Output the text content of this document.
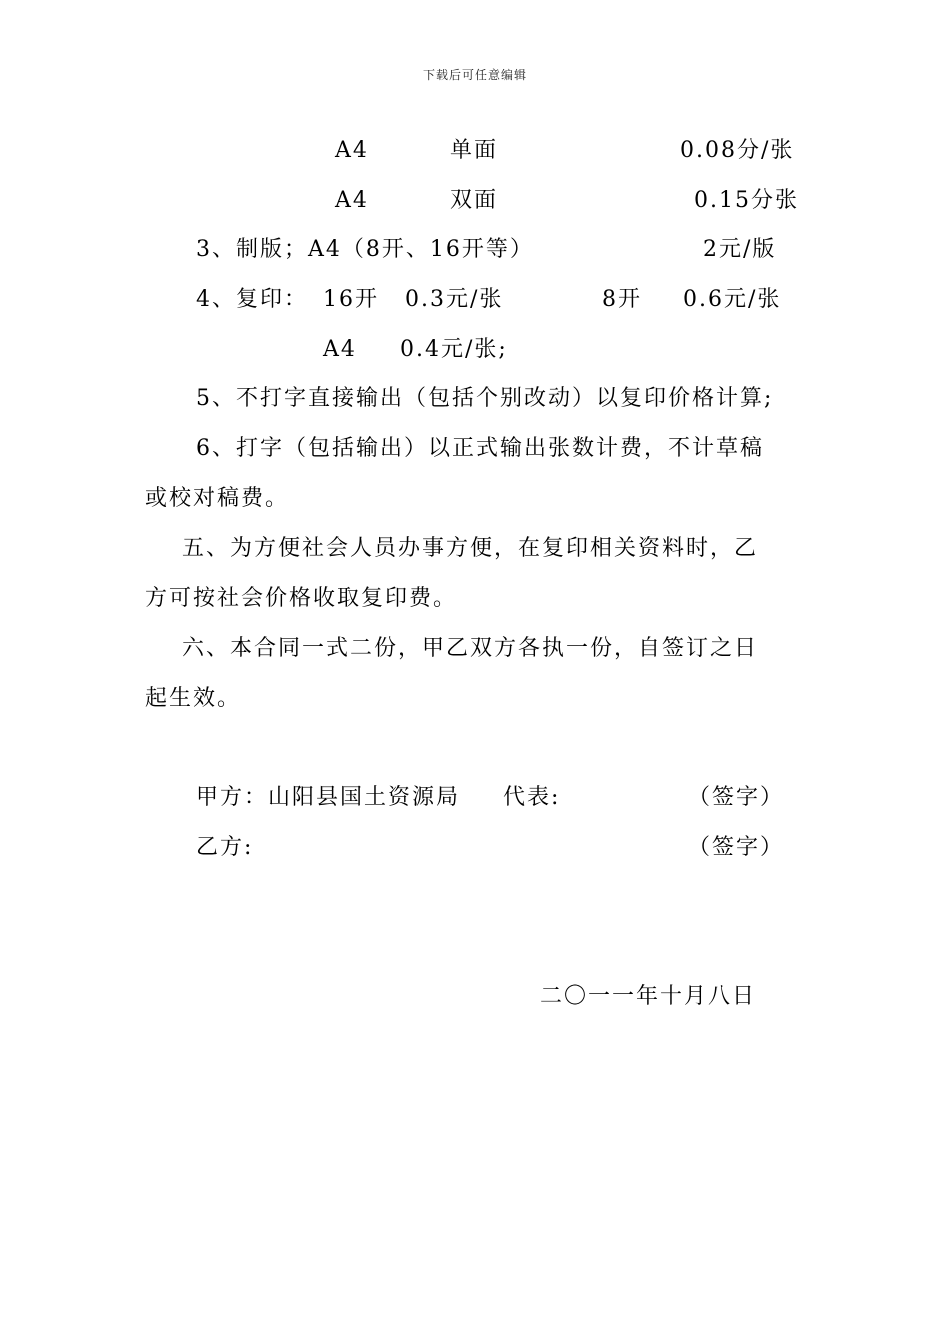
下载后可任意编辑
A4	单面	0.08分/张
A4	双面	0.15分张
3、制版；A4（8开、16开等）	2元/版
4、复印： 16开 0.3元/张	8开 0.6元/张
A4 0.4元/张;
5、不打字直接输出（包括个别改动）以复印价格计算;
6、打字（包括输出）以正式输出张数计费，不计草稿
或校对稿费。
五、为方便社会人员办事方便，在复印相关资料时，乙
方可按社会价格收取复印费。
六、本合同一式二份，甲乙双方各执一份，自签订之日
起生效。
甲方：山阳县国土资源局 代表:	（签字）
乙方:	（签字）
二〇一一年十月八日
